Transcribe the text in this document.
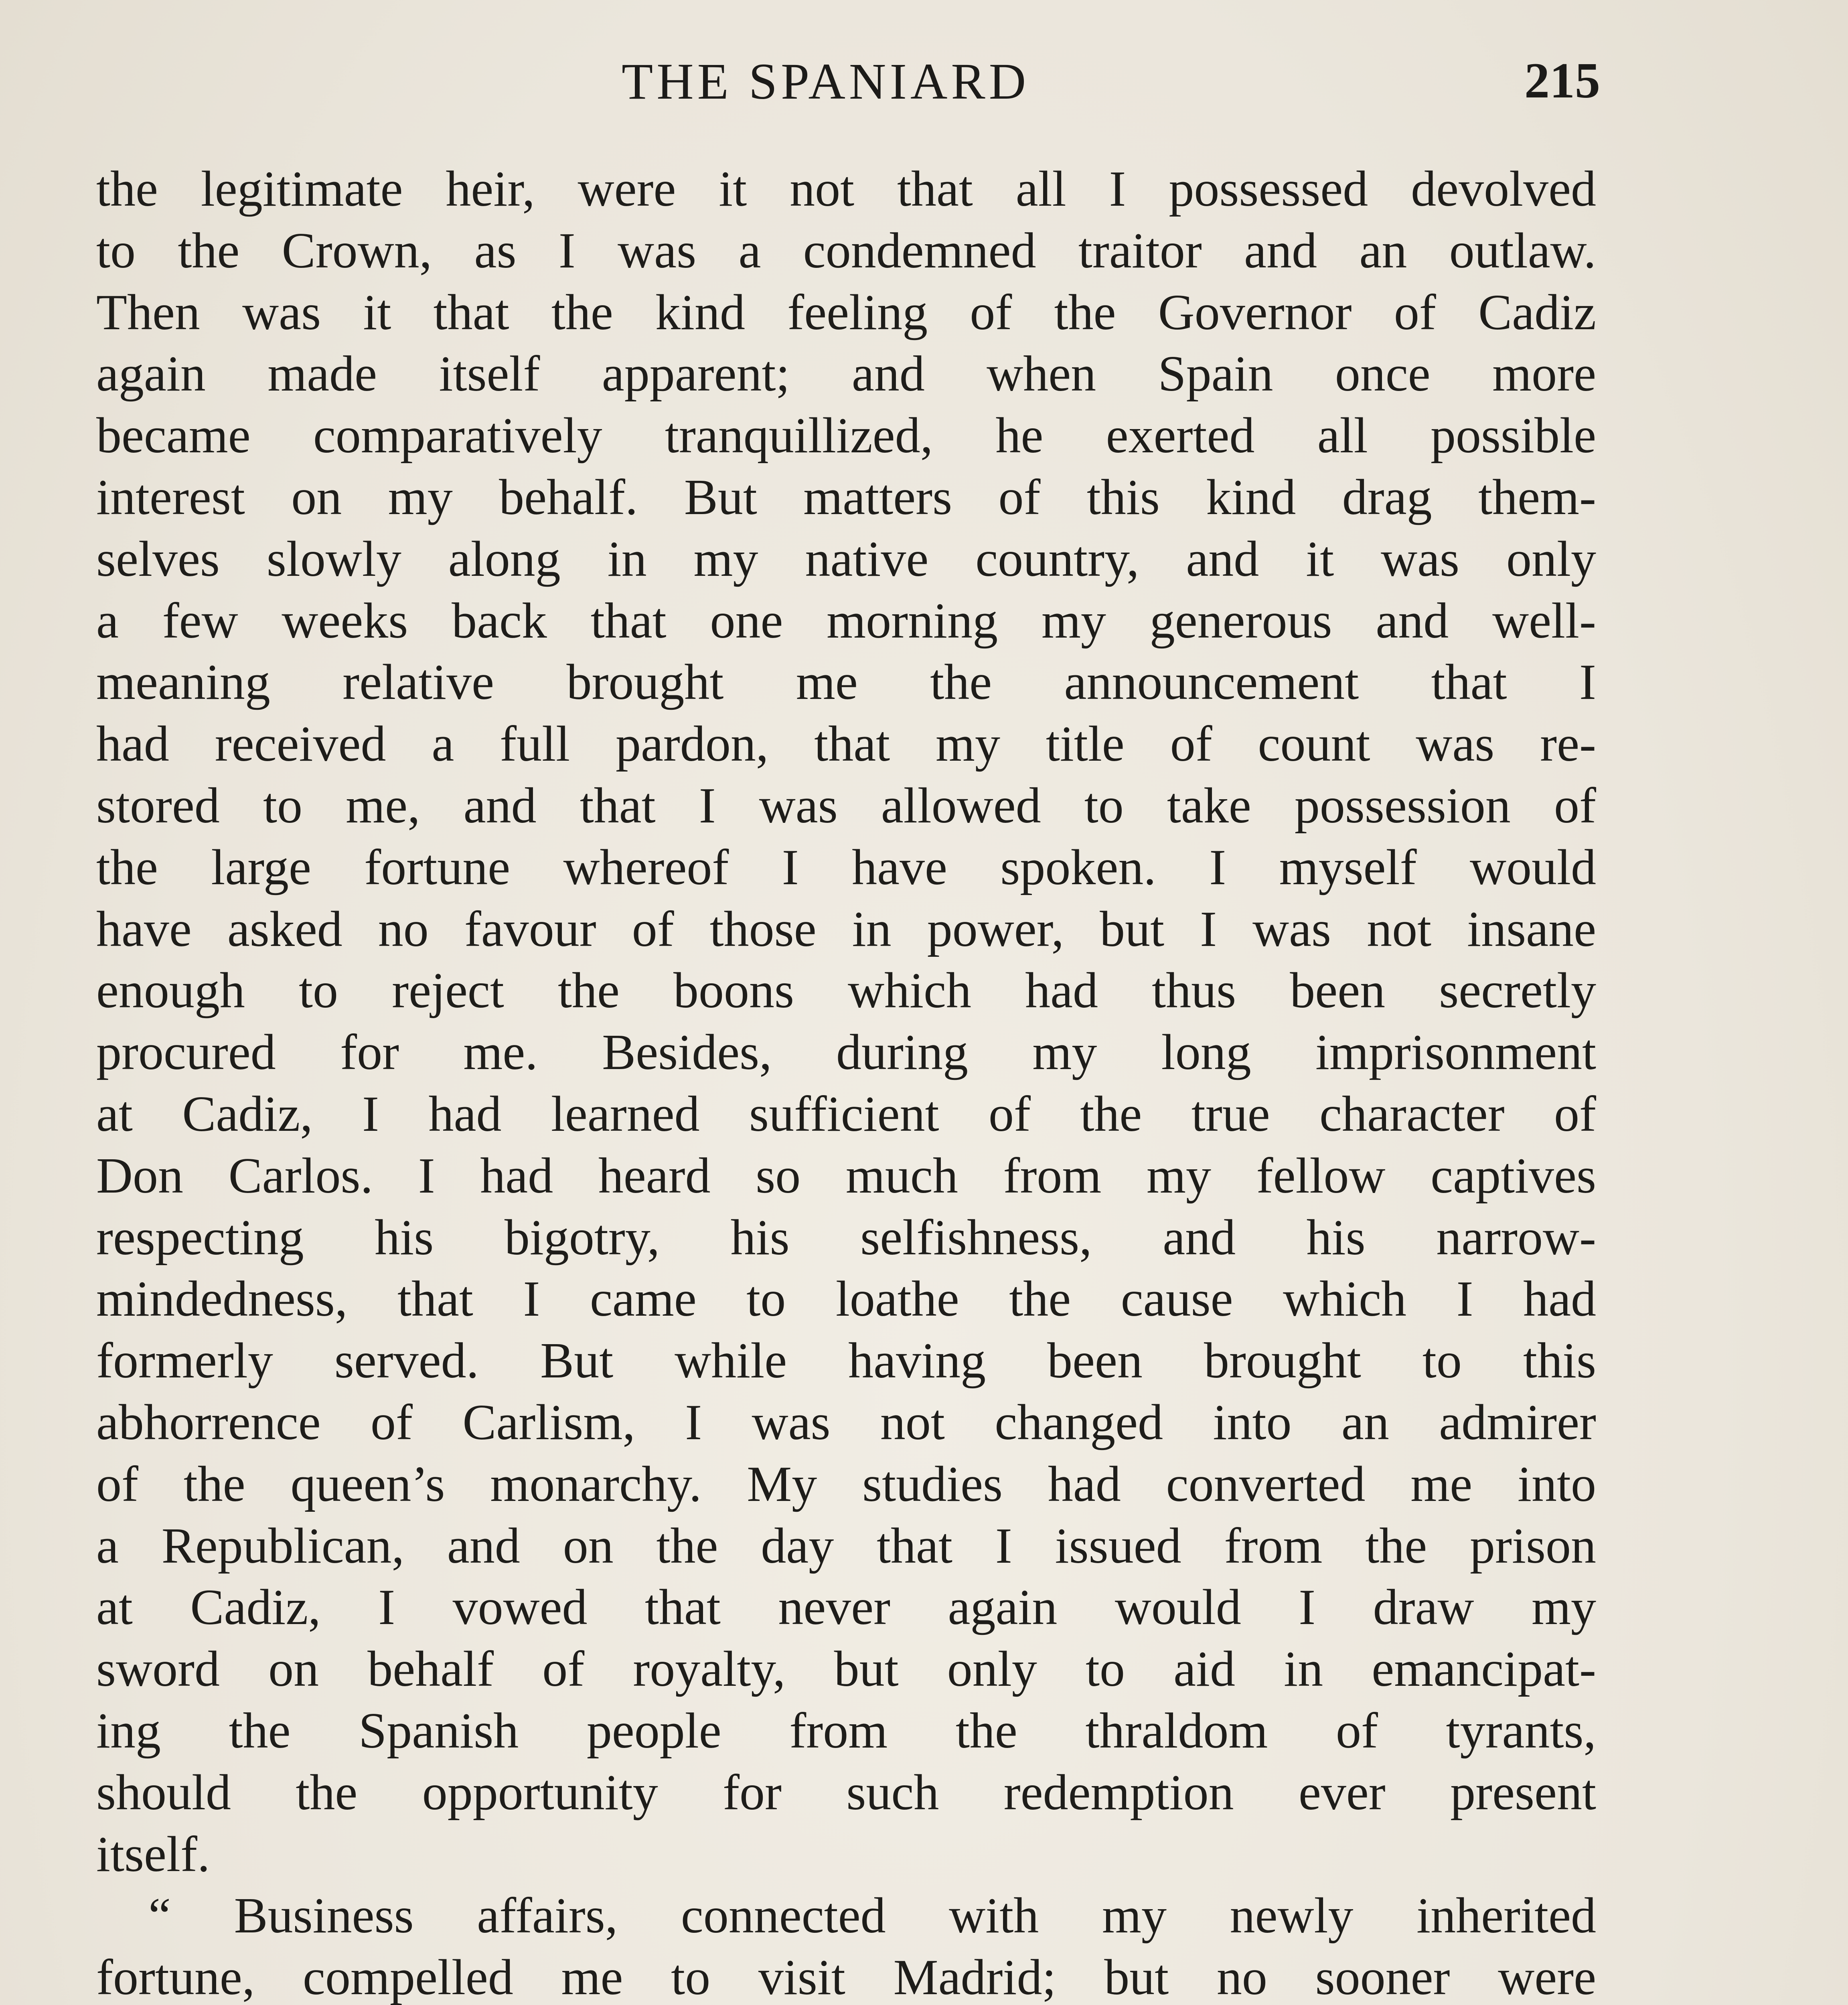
THE SPANIARD	215
the legitimate heir, were it not that all I possessed devolved
to the Crown, as I was a condemned traitor and an outlaw.
Then was it that the kind feeling of the Governor of Cadiz
again made itself apparent; and when Spain once more
became comparatively tranquillized, he exerted all possible
interest on my behalf. But matters of this kind drag them-
selves slowly along in my native country, and it was only
a few weeks back that one morning my generous and well-
meaning relative brought me the announcement that I
had received a full pardon, that my title of count was re-
stored to me, and that I was allowed to take possession of
the large fortune whereof I have spoken. I myself would
have asked no favour of those in power, but I was not insane
enough to reject the boons which had thus been secretly
procured for me. Besides, during my long imprisonment
at Cadiz, I had learned sufficient of the true character of
Don Carlos. I had heard so much from my fellow captives
respecting his bigotry, his selfishness, and his narrow-
mindedness, that I came to loathe the cause which I had
formerly served. But while having been brought to this
abhorrence of Carlism, I was not changed into an admirer
of the queen’s monarchy. My studies had converted me into
a Republican, and on the day that I issued from the prison
at Cadiz, I vowed that never again would I draw my
sword on behalf of royalty, but only to aid in emancipat-
ing the Spanish people from the thraldom of tyrants,
should the opportunity for such redemption ever present
itself.
“ Business affairs, connected with my newly inherited
fortune, compelled me to visit Madrid; but no sooner were
